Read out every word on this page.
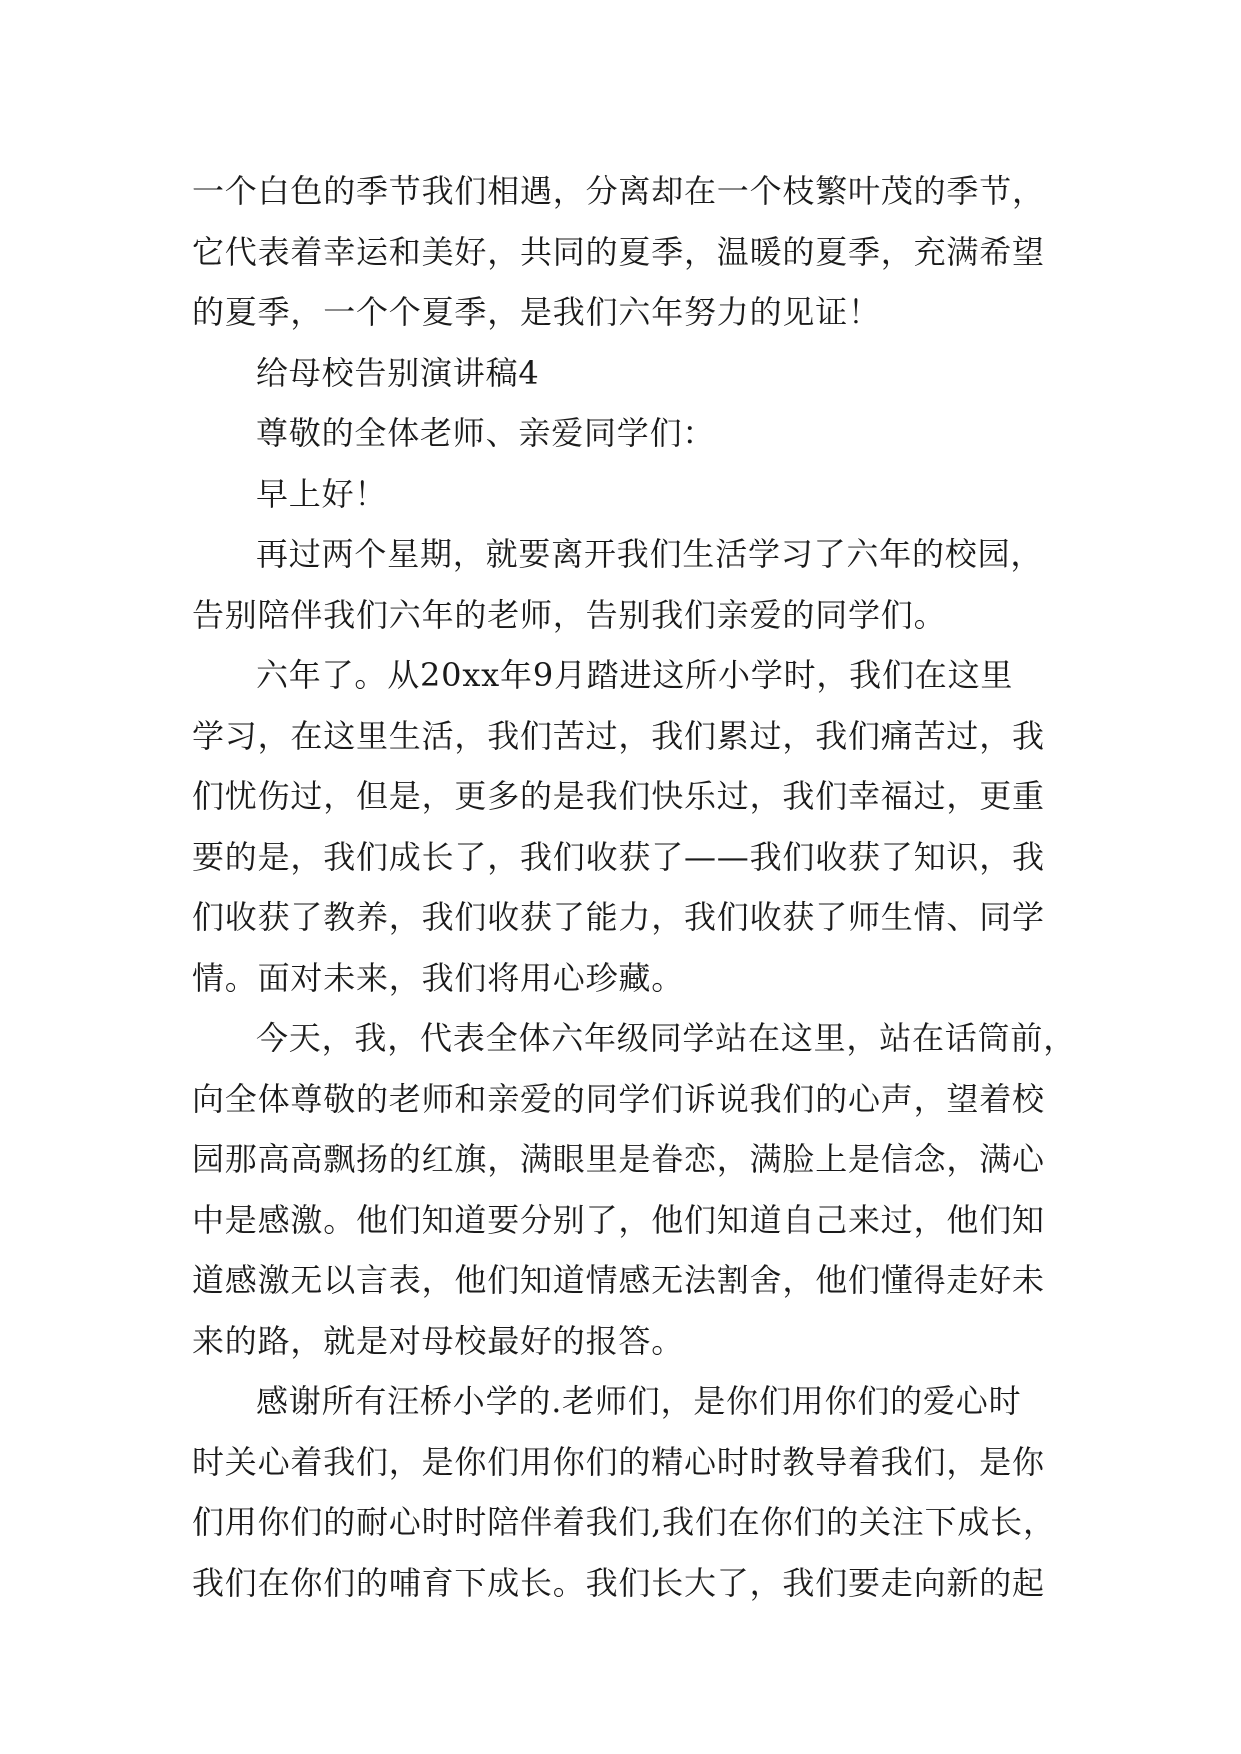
一个白色的季节我们相遇，分离却在一个枝繁叶茂的季节，
它代表着幸运和美好，共同的夏季，温暖的夏季，充满希望
的夏季，一个个夏季，是我们六年努力的见证！
给母校告别演讲稿4
尊敬的全体老师、亲爱同学们：
早上好！
再过两个星期，就要离开我们生活学习了六年的校园，
告别陪伴我们六年的老师，告别我们亲爱的同学们。
六年了。从20xx年9月踏进这所小学时，我们在这里
学习，在这里生活，我们苦过，我们累过，我们痛苦过，我
们忧伤过，但是，更多的是我们快乐过，我们幸福过，更重
要的是，我们成长了，我们收获了——我们收获了知识，我
们收获了教养，我们收获了能力，我们收获了师生情、同学
情。面对未来，我们将用心珍藏。
今天，我，代表全体六年级同学站在这里，站在话筒前，
向全体尊敬的老师和亲爱的同学们诉说我们的心声，望着校
园那高高飘扬的红旗，满眼里是眷恋，满脸上是信念，满心
中是感激。他们知道要分别了，他们知道自己来过，他们知
道感激无以言表，他们知道情感无法割舍，他们懂得走好未
来的路，就是对母校最好的报答。
感谢所有汪桥小学的.老师们，是你们用你们的爱心时
时关心着我们，是你们用你们的精心时时教导着我们，是你
们用你们的耐心时时陪伴着我们,我们在你们的关注下成长，
我们在你们的哺育下成长。我们长大了，我们要走向新的起
